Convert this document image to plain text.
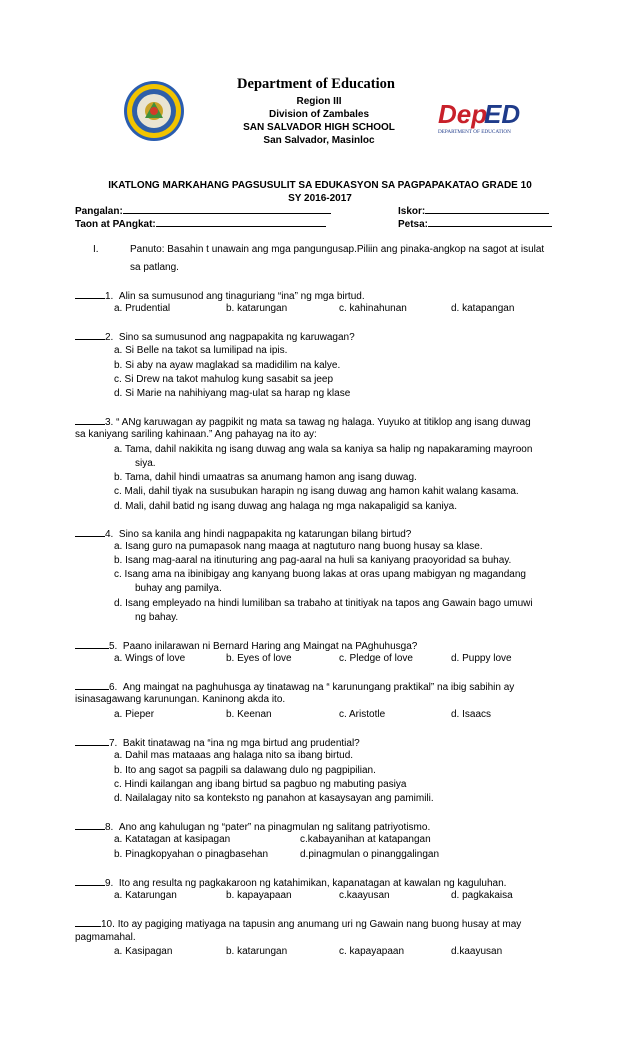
Dep
ED
DEPARTMENT OF EDUCATION
Department of Education
Region III
Division of Zambales
SAN SALVADOR HIGH SCHOOL
San Salvador, Masinloc
IKATLONG MARKAHANG PAGSUSULIT SA EDUKASYON SA PAGPAPAKATAO GRADE 10
SY 2016-2017
Pangalan:	Iskor:
Taon at PAngkat:	Petsa:
I.	Panuto: Basahin t unawain ang mga pangungusap.Piliin ang pinaka-angkop na sagot at isulat
sa patlang.
1. Alin sa sumusunod ang tinaguriang “ina” ng mga birtud.
a. Prudential	b. katarungan	c. kahinahunan	d. katapangan
2. Sino sa sumusunod ang nagpapakita ng karuwagan?
a. Si Belle na takot sa lumilipad na ipis.
b. Si aby na ayaw maglakad sa madidilim na kalye.
c. Si Drew na takot mahulog kung sasabit sa jeep
d. Si Marie na nahihiyang mag-ulat sa harap ng klase
3. “ ANg karuwagan ay pagpikit ng mata sa tawag ng halaga. Yuyuko at titiklop ang isang duwag
sa kaniyang sariling kahinaan.” Ang pahayag na ito ay:
a. Tama, dahil nakikita ng isang duwag ang wala sa kaniya sa halip ng napakaraming mayroon
siya.
b. Tama, dahil hindi umaatras sa anumang hamon ang isang duwag.
c. Mali, dahil tiyak na susubukan harapin ng isang duwag ang hamon kahit walang kasama.
d. Mali, dahil batid ng isang duwag ang halaga ng mga nakapaligid sa kaniya.
4. Sino sa kanila ang hindi nagpapakita ng katarungan bilang birtud?
a. Isang guro na pumapasok nang maaga at nagtuturo nang buong husay sa klase.
b. Isang mag-aaral na itinuturing ang pag-aaral na huli sa kaniyang praoyoridad sa buhay.
c. Isang ama na ibinibigay ang kanyang buong lakas at oras upang mabigyan ng magandang
buhay ang pamilya.
d. Isang empleyado na hindi lumiliban sa trabaho at tinitiyak na tapos ang Gawain bago umuwi
ng bahay.
5. Paano inilarawan ni Bernard Haring ang Maingat na PAghuhusga?
a. Wings of love	b. Eyes of love	c. Pledge of love	d. Puppy love
6. Ang maingat na paghuhusga ay tinatawag na “ karunungang praktikal” na ibig sabihin ay
isinasagawang karunungan. Kaninong akda ito.
a. Pieper	b. Keenan	c. Aristotle	d. Isaacs
7. Bakit tinatawag na “ina ng mga birtud ang prudential?
a. Dahil mas mataaas ang halaga nito sa ibang birtud.
b. Ito ang sagot sa pagpili sa dalawang dulo ng pagpipilian.
c. Hindi kailangan ang ibang birtud sa pagbuo ng mabuting pasiya
d. Nailalagay nito sa konteksto ng panahon at kasaysayan ang pamimili.
8. Ano ang kahulugan ng “pater” na pinagmulan ng salitang patriyotismo.
a. Katatagan at kasipagan	c.kabayanihan at katapangan
b. Pinagkopyahan o pinagbasehan	d.pinagmulan o pinanggalingan
9. Ito ang resulta ng pagkakaroon ng katahimikan, kapanatagan at kawalan ng kaguluhan.
a. Katarungan	b. kapayapaan	c.kaayusan	d. pagkakaisa
10. Ito ay pagiging matiyaga na tapusin ang anumang uri ng Gawain nang buong husay at may
pagmamahal.
a. Kasipagan	b. katarungan	c. kapayapaan	d.kaayusan
